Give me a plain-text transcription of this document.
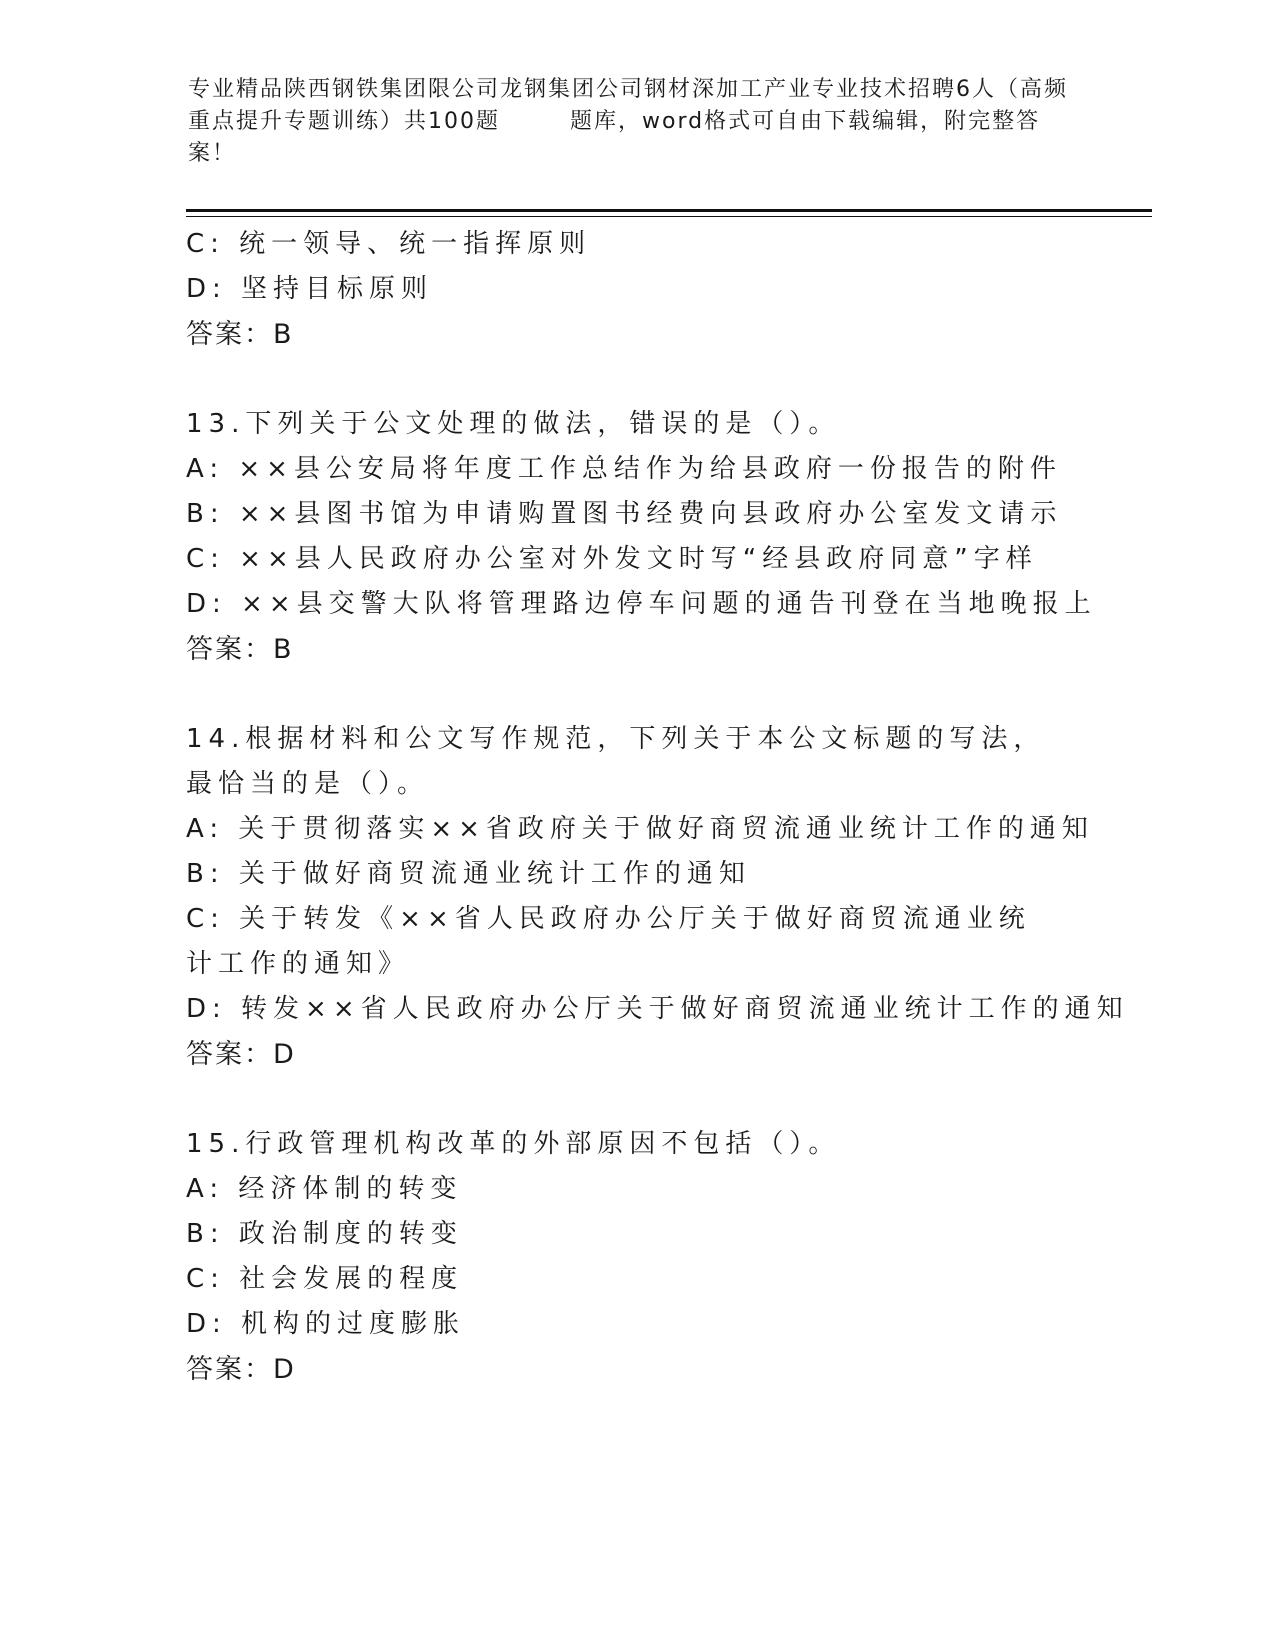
专业精品陕西钢铁集团限公司龙钢集团公司钢材深加工产业专业技术招聘6人（高频重点提升专题训练）共100题	题库，word格式可自由下载编辑，附完整答案！
C: 统一领导、统一指挥原则
D: 坚持目标原则
答案：B
13.下列关于公文处理的做法，错误的是（）。
A: ××县公安局将年度工作总结作为给县政府一份报告的附件
B: ××县图书馆为申请购置图书经费向县政府办公室发文请示
C: ××县人民政府办公室对外发文时写“经县政府同意”字样
D: ××县交警大队将管理路边停车问题的通告刊登在当地晚报上
答案：B
14.根据材料和公文写作规范，下列关于本公文标题的写法，最恰当的是（）。
A: 关于贯彻落实××省政府关于做好商贸流通业统计工作的通知
B: 关于做好商贸流通业统计工作的通知
C: 关于转发《××省人民政府办公厅关于做好商贸流通业统计工作的通知》
D: 转发××省人民政府办公厅关于做好商贸流通业统计工作的通知
答案：D
15.行政管理机构改革的外部原因不包括（）。
A: 经济体制的转变
B: 政治制度的转变
C: 社会发展的程度
D: 机构的过度膨胀
答案：D
